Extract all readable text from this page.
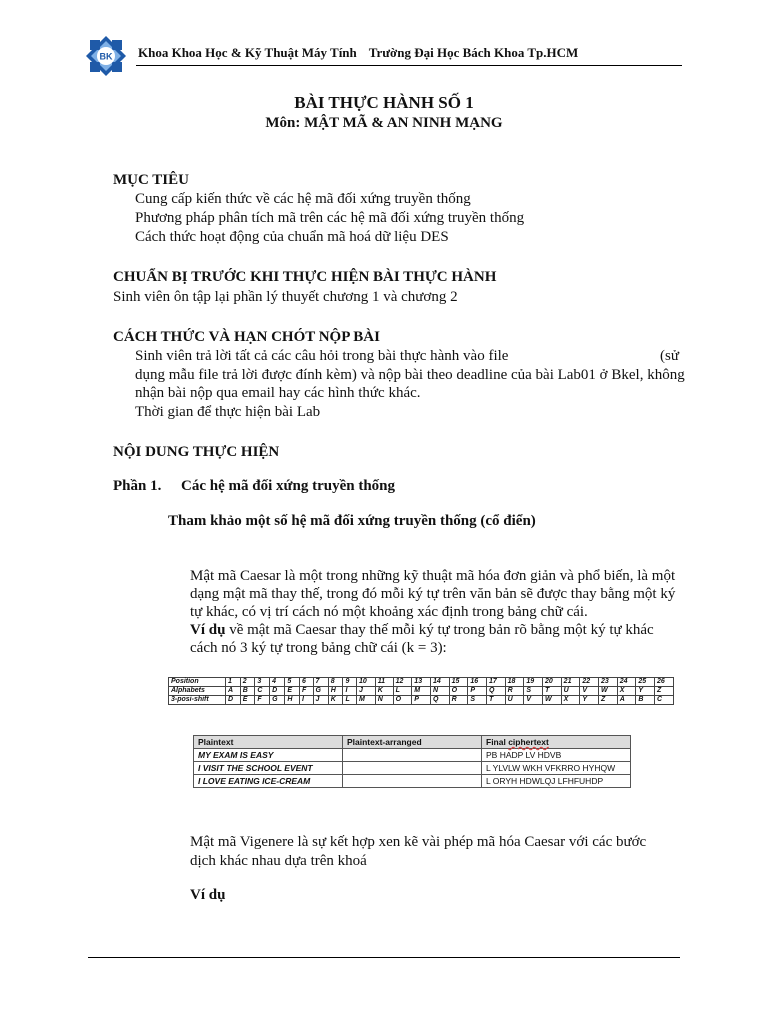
BK Khoa Khoa Học & Kỹ Thuật Máy Tính Trường Đại Học Bách Khoa Tp.HCM
BÀI THỰC HÀNH SỐ 1
Môn: MẬT MÃ & AN NINH MẠNG
MỤC TIÊU
Cung cấp kiến thức về các hệ mã đối xứng truyền thống
Phương pháp phân tích mã trên các hệ mã đối xứng truyền thống
Cách thức hoạt động của chuẩn mã hoá dữ liệu DES
CHUẨN BỊ TRƯỚC KHI THỰC HIỆN BÀI THỰC HÀNH
Sinh viên ôn tập lại phần lý thuyết chương 1 và chương 2
CÁCH THỨC VÀ HẠN CHÓT NỘP BÀI
Sinh viên trả lời tất cả các câu hỏi trong bài thực hành vào file	(sử
dụng mẫu file trả lời được đính kèm) và nộp bài theo deadline của bài Lab01 ở Bkel, không
nhận bài nộp qua email hay các hình thức khác.
Thời gian để thực hiện bài Lab
NỘI DUNG THỰC HIỆN
Phần 1. Các hệ mã đối xứng truyền thống
Tham khảo một số hệ mã đối xứng truyền thống (cổ điển)
Mật mã Caesar là một trong những kỹ thuật mã hóa đơn giản và phổ biến, là một
dạng mật mã thay thế, trong đó mỗi ký tự trên văn bản sẽ được thay bằng một ký
tự khác, có vị trí cách nó một khoảng xác định trong bảng chữ cái.
Ví dụ về mật mã Caesar thay thế mỗi ký tự trong bản rõ bằng một ký tự khác
cách nó 3 ký tự trong bảng chữ cái (k = 3):
Position	1	2	3	4	5	6	7	8	9	10	11	12	13	14	15	16	17	18	19	20	21	22	23	24	25	26
Alphabets	A	B	C	D	E	F	G	H	I	J	K	L	M	N	O	P	Q	R	S	T	U	V	W	X	Y	Z
3-posi-shift	D	E	F	G	H	I	J	K	L	M	N	O	P	Q	R	S	T	U	V	W	X	Y	Z	A	B	C
Plaintext	Plaintext-arranged	Final ciphertext
MY EXAM IS EASY		PB HADP LV HDVB
I VISIT THE SCHOOL EVENT		L YLVLW WKH VFKRRO HYHQW
I LOVE EATING ICE-CREAM		L ORYH HDWLQJ LFHFUHDP
Mật mã Vigenere là sự kết hợp xen kẽ vài phép mã hóa Caesar với các bước
dịch khác nhau dựa trên khoá
Ví dụ
